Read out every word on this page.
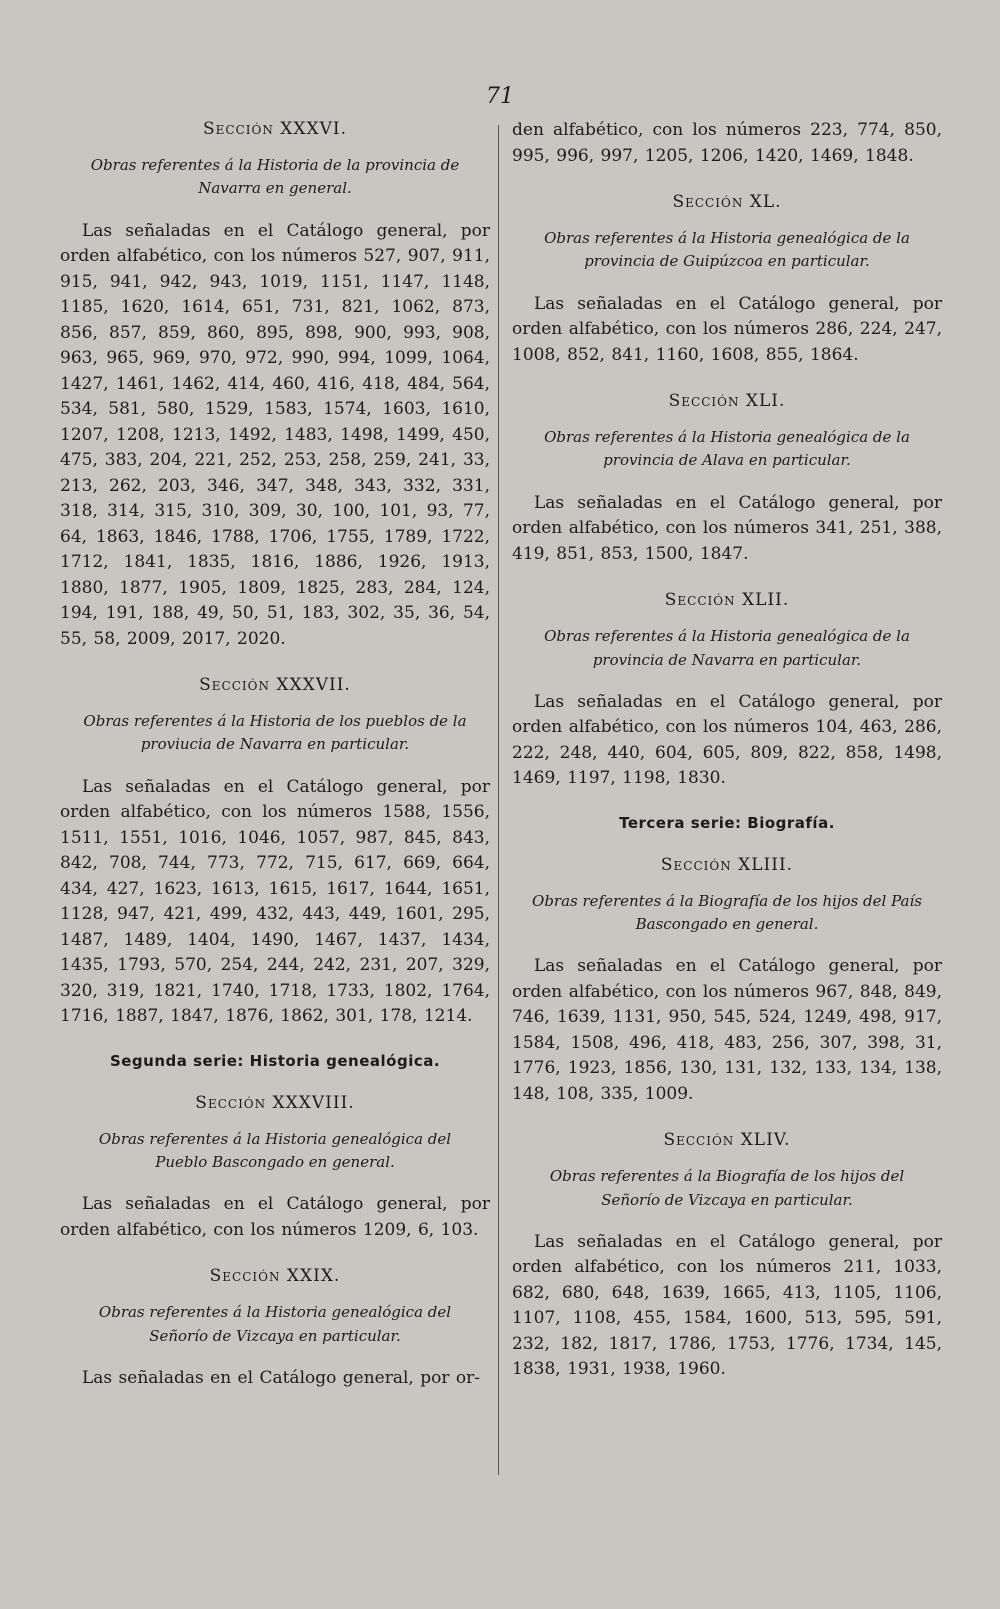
71
Sección XXXVI.
Obras referentes á la Historia de la provincia de Navarra en general.
Las señaladas en el Catálogo general, por orden alfabético, con los números 527, 907, 911, 915, 941, 942, 943, 1019, 1151, 1147, 1148, 1185, 1620, 1614, 651, 731, 821, 1062, 873, 856, 857, 859, 860, 895, 898, 900, 993, 908, 963, 965, 969, 970, 972, 990, 994, 1099, 1064, 1427, 1461, 1462, 414, 460, 416, 418, 484, 564, 534, 581, 580, 1529, 1583, 1574, 1603, 1610, 1207, 1208, 1213, 1492, 1483, 1498, 1499, 450, 475, 383, 204, 221, 252, 253, 258, 259, 241, 33, 213, 262, 203, 346, 347, 348, 343, 332, 331, 318, 314, 315, 310, 309, 30, 100, 101, 93, 77, 64, 1863, 1846, 1788, 1706, 1755, 1789, 1722, 1712, 1841, 1835, 1816, 1886, 1926, 1913, 1880, 1877, 1905, 1809, 1825, 283, 284, 124, 194, 191, 188, 49, 50, 51, 183, 302, 35, 36, 54, 55, 58, 2009, 2017, 2020.
Sección XXXVII.
Obras referentes á la Historia de los pueblos de la proviucia de Navarra en particular.
Las señaladas en el Catálogo general, por orden alfabético, con los números 1588, 1556, 1511, 1551, 1016, 1046, 1057, 987, 845, 843, 842, 708, 744, 773, 772, 715, 617, 669, 664, 434, 427, 1623, 1613, 1615, 1617, 1644, 1651, 1128, 947, 421, 499, 432, 443, 449, 1601, 295, 1487, 1489, 1404, 1490, 1467, 1437, 1434, 1435, 1793, 570, 254, 244, 242, 231, 207, 329, 320, 319, 1821, 1740, 1718, 1733, 1802, 1764, 1716, 1887, 1847, 1876, 1862, 301, 178, 1214.
Segunda serie: Historia genealógica.
Sección XXXVIII.
Obras referentes á la Historia genealógica del Pueblo Bascongado en general.
Las señaladas en el Catálogo general, por orden alfabético, con los números 1209, 6, 103.
Sección XXIX.
Obras referentes á la Historia genealógica del Señorío de Vizcaya en particular.
Las señaladas en el Catálogo general, por or-
den alfabético, con los números 223, 774, 850, 995, 996, 997, 1205, 1206, 1420, 1469, 1848.
Sección XL.
Obras referentes á la Historia genealógica de la provincia de Guipúzcoa en particular.
Las señaladas en el Catálogo general, por orden alfabético, con los números 286, 224, 247, 1008, 852, 841, 1160, 1608, 855, 1864.
Sección XLI.
Obras referentes á la Historia genealógica de la provincia de Alava en particular.
Las señaladas en el Catálogo general, por orden alfabético, con los números 341, 251, 388, 419, 851, 853, 1500, 1847.
Sección XLII.
Obras referentes á la Historia genealógica de la provincia de Navarra en particular.
Las señaladas en el Catálogo general, por orden alfabético, con los números 104, 463, 286, 222, 248, 440, 604, 605, 809, 822, 858, 1498, 1469, 1197, 1198, 1830.
Tercera serie: Biografía.
Sección XLIII.
Obras referentes á la Biografía de los hijos del País Bascongado en general.
Las señaladas en el Catálogo general, por orden alfabético, con los números 967, 848, 849, 746, 1639, 1131, 950, 545, 524, 1249, 498, 917, 1584, 1508, 496, 418, 483, 256, 307, 398, 31, 1776, 1923, 1856, 130, 131, 132, 133, 134, 138, 148, 108, 335, 1009.
Sección XLIV.
Obras referentes á la Biografía de los hijos del Señorío de Vizcaya en particular.
Las señaladas en el Catálogo general, por orden alfabético, con los números 211, 1033, 682, 680, 648, 1639, 1665, 413, 1105, 1106, 1107, 1108, 455, 1584, 1600, 513, 595, 591, 232, 182, 1817, 1786, 1753, 1776, 1734, 145, 1838, 1931, 1938, 1960.
